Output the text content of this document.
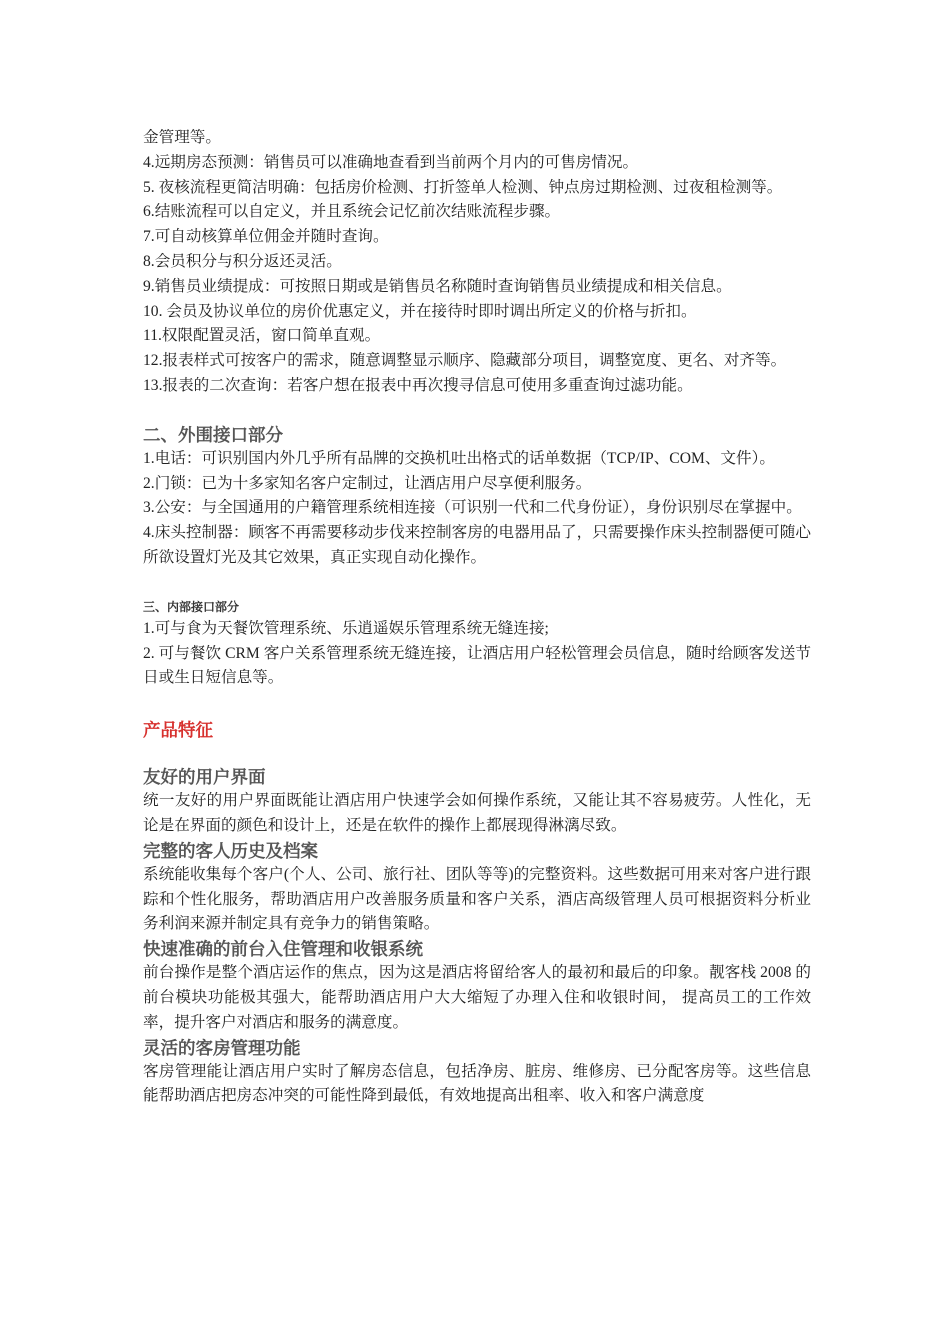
金管理等。

4.远期房态预测：销售员可以准确地查看到当前两个月内的可售房情况。

5. 夜核流程更简洁明确：包括房价检测、打折签单人检测、钟点房过期检测、过夜租检测等。

6.结账流程可以自定义，并且系统会记忆前次结账流程步骤。

7.可自动核算单位佣金并随时查询。

8.会员积分与积分返还灵活。

9.销售员业绩提成：可按照日期或是销售员名称随时查询销售员业绩提成和相关信息。

10. 会员及协议单位的房价优惠定义，并在接待时即时调出所定义的价格与折扣。

11.权限配置灵活，窗口简单直观。

12.报表样式可按客户的需求，随意调整显示顺序、隐藏部分项目，调整宽度、更名、对齐等。

13.报表的二次查询：若客户想在报表中再次搜寻信息可使用多重查询过滤功能。

二、外围接口部分

1.电话：可识别国内外几乎所有品牌的交换机吐出格式的话单数据（TCP/IP、COM、文件）。

2.门锁：已为十多家知名客户定制过，让酒店用户尽享便利服务。

3.公安：与全国通用的户籍管理系统相连接（可识别一代和二代身份证），身份识别尽在掌握中。

4.床头控制器：顾客不再需要移动步伐来控制客房的电器用品了，只需要操作床头控制器便可随心所欲设置灯光及其它效果，真正实现自动化操作。

三、内部接口部分

1.可与食为天餐饮管理系统、乐逍遥娱乐管理系统无缝连接;

2. 可与餐饮 CRM 客户关系管理系统无缝连接，让酒店用户轻松管理会员信息，随时给顾客发送节日或生日短信息等。

产品特征
友好的用户界面

统一友好的用户界面既能让酒店用户快速学会如何操作系统，又能让其不容易疲劳。人性化，无论是在界面的颜色和设计上，还是在软件的操作上都展现得淋漓尽致。

完整的客人历史及档案

系统能收集每个客户(个人、公司、旅行社、团队等等)的完整资料。这些数据可用来对客户进行跟踪和个性化服务，帮助酒店用户改善服务质量和客户关系，酒店高级管理人员可根据资料分析业务利润来源并制定具有竞争力的销售策略。

快速准确的前台入住管理和收银系统

前台操作是整个酒店运作的焦点，因为这是酒店将留给客人的最初和最后的印象。靓客栈 2008 的前台模块功能极其强大，能帮助酒店用户大大缩短了办理入住和收银时间， 提高员工的工作效率，提升客户对酒店和服务的满意度。

灵活的客房管理功能

客房管理能让酒店用户实时了解房态信息，包括净房、脏房、维修房、已分配客房等。这些信息能帮助酒店把房态冲突的可能性降到最低，有效地提高出租率、收入和客户满意度
